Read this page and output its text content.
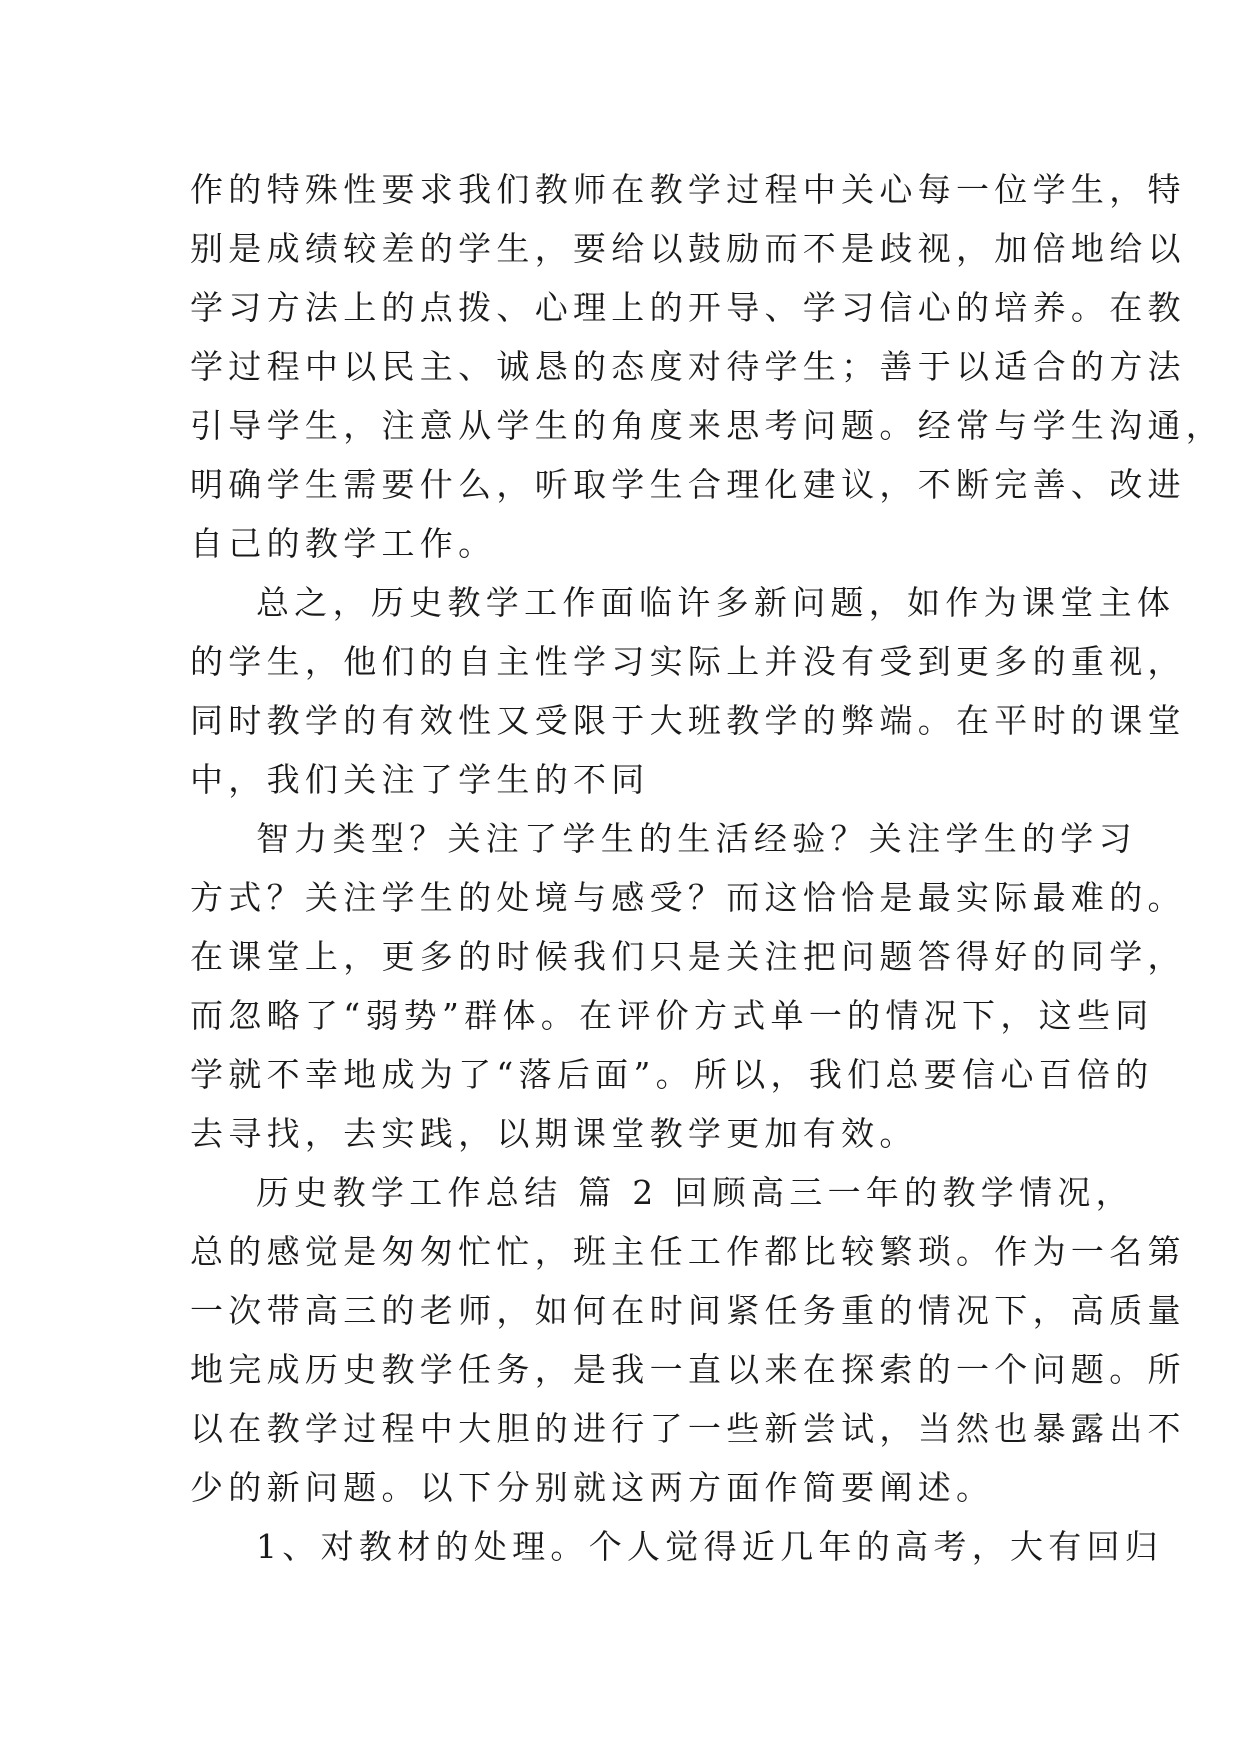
作的特殊性要求我们教师在教学过程中关心每一位学生，特
别是成绩较差的学生，要给以鼓励而不是歧视，加倍地给以
学习方法上的点拨、心理上的开导、学习信心的培养。在教
学过程中以民主、诚恳的态度对待学生；善于以适合的方法
引导学生，注意从学生的角度来思考问题。经常与学生沟通，
明确学生需要什么，听取学生合理化建议，不断完善、改进
自己的教学工作。
总之，历史教学工作面临许多新问题，如作为课堂主体
的学生，他们的自主性学习实际上并没有受到更多的重视，
同时教学的有效性又受限于大班教学的弊端。在平时的课堂
中，我们关注了学生的不同
智力类型？关注了学生的生活经验？关注学生的学习
方式？关注学生的处境与感受？而这恰恰是最实际最难的。
在课堂上，更多的时候我们只是关注把问题答得好的同学，
而忽略了“弱势”群体。在评价方式单一的情况下，这些同
学就不幸地成为了“落后面”。所以，我们总要信心百倍的
去寻找，去实践，以期课堂教学更加有效。
历史教学工作总结 篇 2 回顾高三一年的教学情况，
总的感觉是匆匆忙忙，班主任工作都比较繁琐。作为一名第
一次带高三的老师，如何在时间紧任务重的情况下，高质量
地完成历史教学任务，是我一直以来在探索的一个问题。所
以在教学过程中大胆的进行了一些新尝试，当然也暴露出不
少的新问题。以下分别就这两方面作简要阐述。
1、对教材的处理。个人觉得近几年的高考，大有回归
